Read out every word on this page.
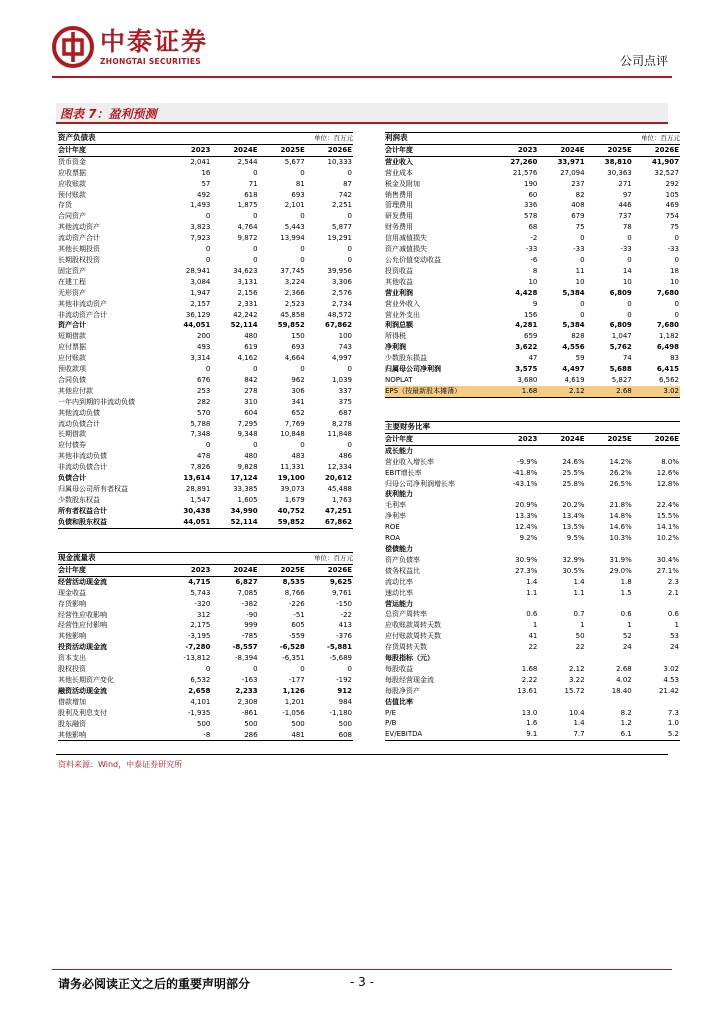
中泰证券
ZHONGTAI SECURITIES	公司点评
图表 7：盈利预测
资产负债表			单位：百万元	
会计年度	2023	2024E	2025E	2026E
货币资金	2,041	2,544	5,677	10,333
应收票据	16	0	0	0
应收账款	57	71	81	87
预付账款	492	618	693	742
存货	1,493	1,875	2,101	2,251
合同资产	0	0	0	0
其他流动资产	3,823	4,764	5,443	5,877
流动资产合计	7,923	9,872	13,994	19,291
其他长期投资	0	0	0	0
长期股权投资	0	0	0	0
固定资产	28,941	34,623	37,745	39,956
在建工程	3,084	3,131	3,224	3,306
无形资产	1,947	2,156	2,366	2,576
其他非流动资产	2,157	2,331	2,523	2,734
非流动资产合计	36,129	42,242	45,858	48,572
资产合计	44,051	52,114	59,852	67,862
短期借款	200	480	150	100
应付票据	493	619	693	743
应付账款	3,314	4,162	4,664	4,997
预收款项	0	0	0	0
合同负债	676	842	962	1,039
其他应付款	253	278	306	337
一年内到期的非流动负债	282	310	341	375
其他流动负债	570	604	652	687
流动负债合计	5,788	7,295	7,769	8,278
长期借款	7,348	9,348	10,848	11,848
应付债券	0	0	0	0
其他非流动负债	478	480	483	486
非流动负债合计	7,826	9,828	11,331	12,334
负债合计	13,614	17,124	19,100	20,612
归属母公司所有者权益	28,891	33,385	39,073	45,488
少数股东权益	1,547	1,605	1,679	1,763
所有者权益合计	30,438	34,990	40,752	47,251
负债和股东权益	44,051	52,114	59,852	67,862
现金流量表			单位：百万元	
会计年度	2023	2024E	2025E	2026E
经营活动现金流	4,715	6,827	8,535	9,625
现金收益	5,743	7,085	8,766	9,761
存货影响	-320	-382	-226	-150
经营性应收影响	312	-90	-51	-22
经营性应付影响	2,175	999	605	413
其他影响	-3,195	-785	-559	-376
投资活动现金流	-7,280	-8,557	-6,528	-5,881
资本支出	-13,812	-8,394	-6,351	-5,689
股权投资	0	0	0	0
其他长期资产变化	6,532	-163	-177	-192
融资活动现金流	2,658	2,233	1,126	912
借款增加	4,101	2,308	1,201	984
股利及利息支付	-1,935	-861	-1,056	-1,180
股东融资	500	500	500	500
其他影响	-8	286	481	608
利润表			单位：百万元	
会计年度	2023	2024E	2025E	2026E
营业收入	27,260	33,971	38,810	41,907
营业成本	21,576	27,094	30,363	32,527
税金及附加	190	237	271	292
销售费用	60	82	97	105
管理费用	336	408	446	469
研发费用	578	679	737	754
财务费用	68	75	78	75
信用减值损失	-2	0	0	0
资产减值损失	-33	-33	-33	-33
公允价值变动收益	-6	0	0	0
投资收益	8	11	14	18
其他收益	10	10	10	10
营业利润	4,428	5,384	6,809	7,680
营业外收入	9	0	0	0
营业外支出	156	0	0	0
利润总额	4,281	5,384	6,809	7,680
所得税	659	828	1,047	1,182
净利润	3,622	4,556	5,762	6,498
少数股东损益	47	59	74	83
归属母公司净利润	3,575	4,497	5,688	6,415
NOPLAT	3,680	4,619	5,827	6,562
EPS（按最新股本摊薄）	1.68	2.12	2.68	3.02
主要财务比率				
会计年度	2023	2024E	2025E	2026E
成长能力				
营业收入增长率	-9.9%	24.6%	14.2%	8.0%
EBIT增长率	-41.8%	25.5%	26.2%	12.6%
归母公司净利润增长率	-43.1%	25.8%	26.5%	12.8%
获利能力				
毛利率	20.9%	20.2%	21.8%	22.4%
净利率	13.3%	13.4%	14.8%	15.5%
ROE	12.4%	13.5%	14.6%	14.1%
ROA	9.2%	9.5%	10.3%	10.2%
偿债能力				
资产负债率	30.9%	32.9%	31.9%	30.4%
债务权益比	27.3%	30.5%	29.0%	27.1%
流动比率	1.4	1.4	1.8	2.3
速动比率	1.1	1.1	1.5	2.1
营运能力				
总资产周转率	0.6	0.7	0.6	0.6
应收账款周转天数	1	1	1	1
应付账款周转天数	41	50	52	53
存货周转天数	22	22	24	24
每股指标（元）				
每股收益	1.68	2.12	2.68	3.02
每股经营现金流	2.22	3.22	4.02	4.53
每股净资产	13.61	15.72	18.40	21.42
估值比率				
P/E	13.0	10.4	8.2	7.3
P/B	1.6	1.4	1.2	1.0
EV/EBITDA	9.1	7.7	6.1	5.2
资料来源：Wind，中泰证券研究所
请务必阅读正文之后的重要声明部分	- 3 -
